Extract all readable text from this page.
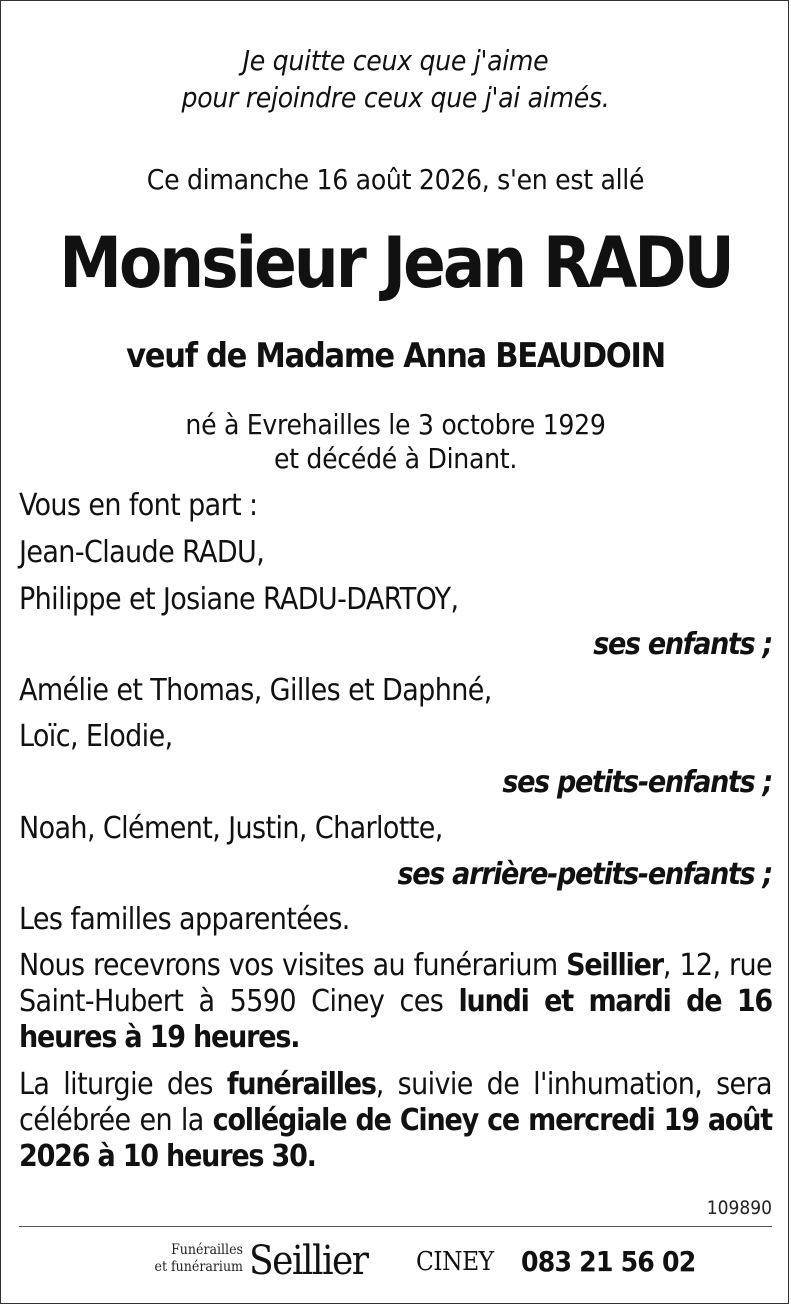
Je quitte ceux que j'aime
pour rejoindre ceux que j'ai aimés.
Ce dimanche 16 août 2026, s'en est allé
Monsieur Jean RADU
veuf de Madame Anna BEAUDOIN
né à Evrehailles le 3 octobre 1929
et décédé à Dinant.
Vous en font part :
Jean-Claude RADU,
Philippe et Josiane RADU-DARTOY,
ses enfants ;
Amélie et Thomas, Gilles et Daphné,
Loïc, Elodie,
ses petits-enfants ;
Noah, Clément, Justin, Charlotte,
ses arrière-petits-enfants ;
Les familles apparentées.
Nous recevrons vos visites au funérarium Seillier, 12, rue Saint-Hubert à 5590 Ciney ces lundi et mardi de 16 heures à 19 heures.
La liturgie des funérailles, suivie de l'inhumation, sera célébrée en la collégiale de Ciney ce mercredi 19 août 2026 à 10 heures 30.
109890
Funérailles
et funérarium Seillier CINEY 083 21 56 02
